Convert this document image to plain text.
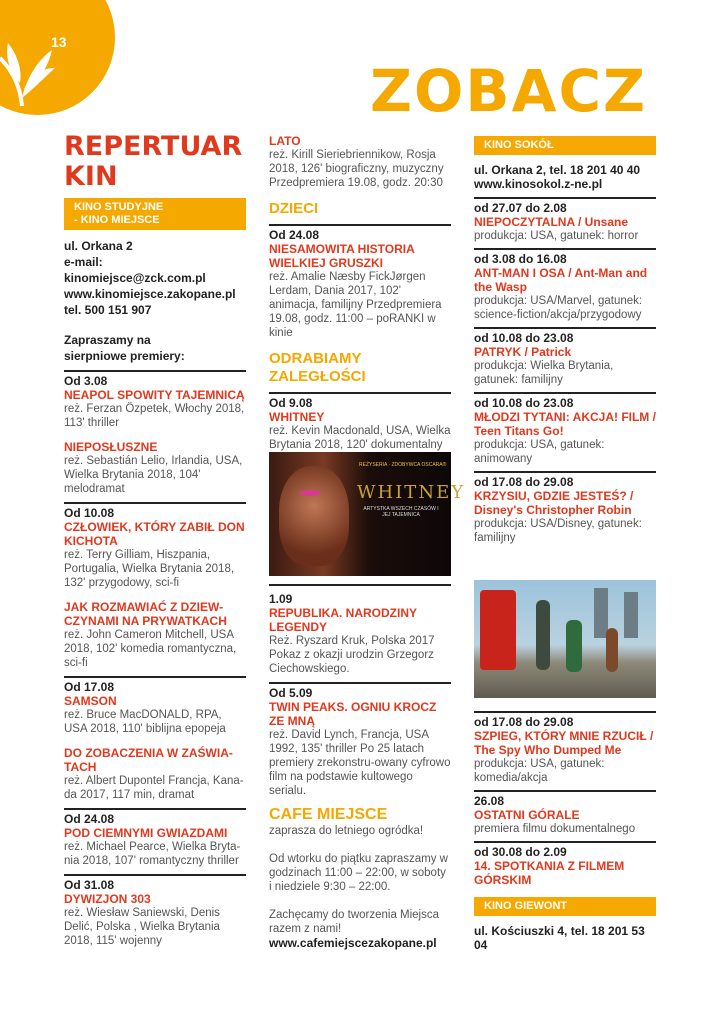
13
ZOBACZ
REPERTUAR
KIN
KINO STUDYJNE
- KINO MIEJSCE
ul. Orkana 2
e-mail: kinomiejsce@zck.com.pl
www.kinomiejsce.zakopane.pl
tel. 500 151 907
Zapraszamy na sierpniowe premiery:
Od 3.08
NEAPOL SPOWITY TAJEMNICĄ
reż. Ferzan Özpetek, Włochy 2018, 113' thriller
NIEPOSŁUSZNE
reż. Sebastián Lelio, Irlandia, USA, Wielka Brytania 2018, 104' melodramat
Od 10.08
CZŁOWIEK, KTÓRY ZABIŁ DON KICHOTA
reż. Terry Gilliam, Hiszpania, Portugalia, Wielka Brytania 2018, 132' przygodowy, sci-fi
JAK ROZMAWIAĆ Z DZIEW-CZYNAMI NA PRYWATKACH
reż. John Cameron Mitchell, USA 2018, 102' komedia romantyczna, sci-fi
Od 17.08
SAMSON
reż. Bruce MacDONALD, RPA, USA 2018, 110' biblijna epopeja
DO ZOBACZENIA W ZAŚWIA-TACH
reż. Albert Dupontel Francja, Kana-da 2017, 117 min, dramat
Od 24.08
POD CIEMNYMI GWIAZDAMI
reż. Michael Pearce, Wielka Bryta-nia 2018, 107' romantyczny thriller
Od 31.08
DYWIZJON 303
reż. Wiesław Saniewski, Denis Delić, Polska , Wielka Brytania 2018, 115' wojenny
LATO
reż. Kirill Sieriebriennikow, Rosja 2018, 126' biograficzny, muzyczny Przedpremiera 19.08, godz. 20:30
DZIECI
Od 24.08
NIESAMOWITA HISTORIA WIELKIEJ GRUSZKI
reż. Amalie Næsby FickJørgen Lerdam, Dania 2017, 102' animacja, familijny Przedpremiera 19.08, godz. 11:00 – poRANKI w kinie
ODRABIAMY ZALEGŁOŚCI
Od 9.08
WHITNEY
reż. Kevin Macdonald, USA, Wielka Brytania 2018, 120' dokumentalny
REŻYSERIA · ZDOBYWCA OSCARA®
WHITNEY
ARTYSTKA WSZECH CZASÓW I JEJ TAJEMNICA
1.09
REPUBLIKA. NARODZINY LEGENDY
Reż. Ryszard Kruk, Polska 2017 Pokaz z okazji urodzin Grzegorz Ciechowskiego.
Od 5.09
TWIN PEAKS. OGNIU KROCZ ZE MNĄ
reż. David Lynch, Francja, USA 1992, 135' thriller Po 25 latach premiery zrekonstru-owany cyfrowo film na podstawie kultowego serialu.
CAFE MIEJSCE
zaprasza do letniego ogródka!
Od wtorku do piątku zapraszamy w godzinach 11:00 – 22:00, w soboty i niedziele 9:30 – 22:00.
Zachęcamy do tworzenia Miejsca razem z nami!
www.cafemiejscezakopane.pl
KINO SOKÓŁ
ul. Orkana 2, tel. 18 201 40 40
www.kinosokol.z-ne.pl
od 27.07 do 2.08
NIEPOCZYTALNA / Unsane
produkcja: USA, gatunek: horror
od 3.08 do 16.08
ANT-MAN I OSA / Ant-Man and the Wasp
produkcja: USA/Marvel, gatunek: science-fiction/akcja/przygodowy
od 10.08 do 23.08
PATRYK / Patrick
produkcja: Wielka Brytania, gatunek: familijny
od 10.08 do 23.08
MŁODZI TYTANI: AKCJA! FILM / Teen Titans Go!
produkcja: USA, gatunek: animowany
od 17.08 do 29.08
KRZYSIU, GDZIE JESTEŚ? / Disney's Christopher Robin
produkcja: USA/Disney, gatunek: familijny
od 17.08 do 29.08
SZPIEG, KTÓRY MNIE RZUCIŁ / The Spy Who Dumped Me
produkcja: USA, gatunek: komedia/akcja
26.08
OSTATNI GÓRALE
premiera filmu dokumentalnego
od 30.08 do 2.09
14. SPOTKANIA Z FILMEM GÓRSKIM
KINO GIEWONT
ul. Kościuszki 4, tel. 18 201 53 04
